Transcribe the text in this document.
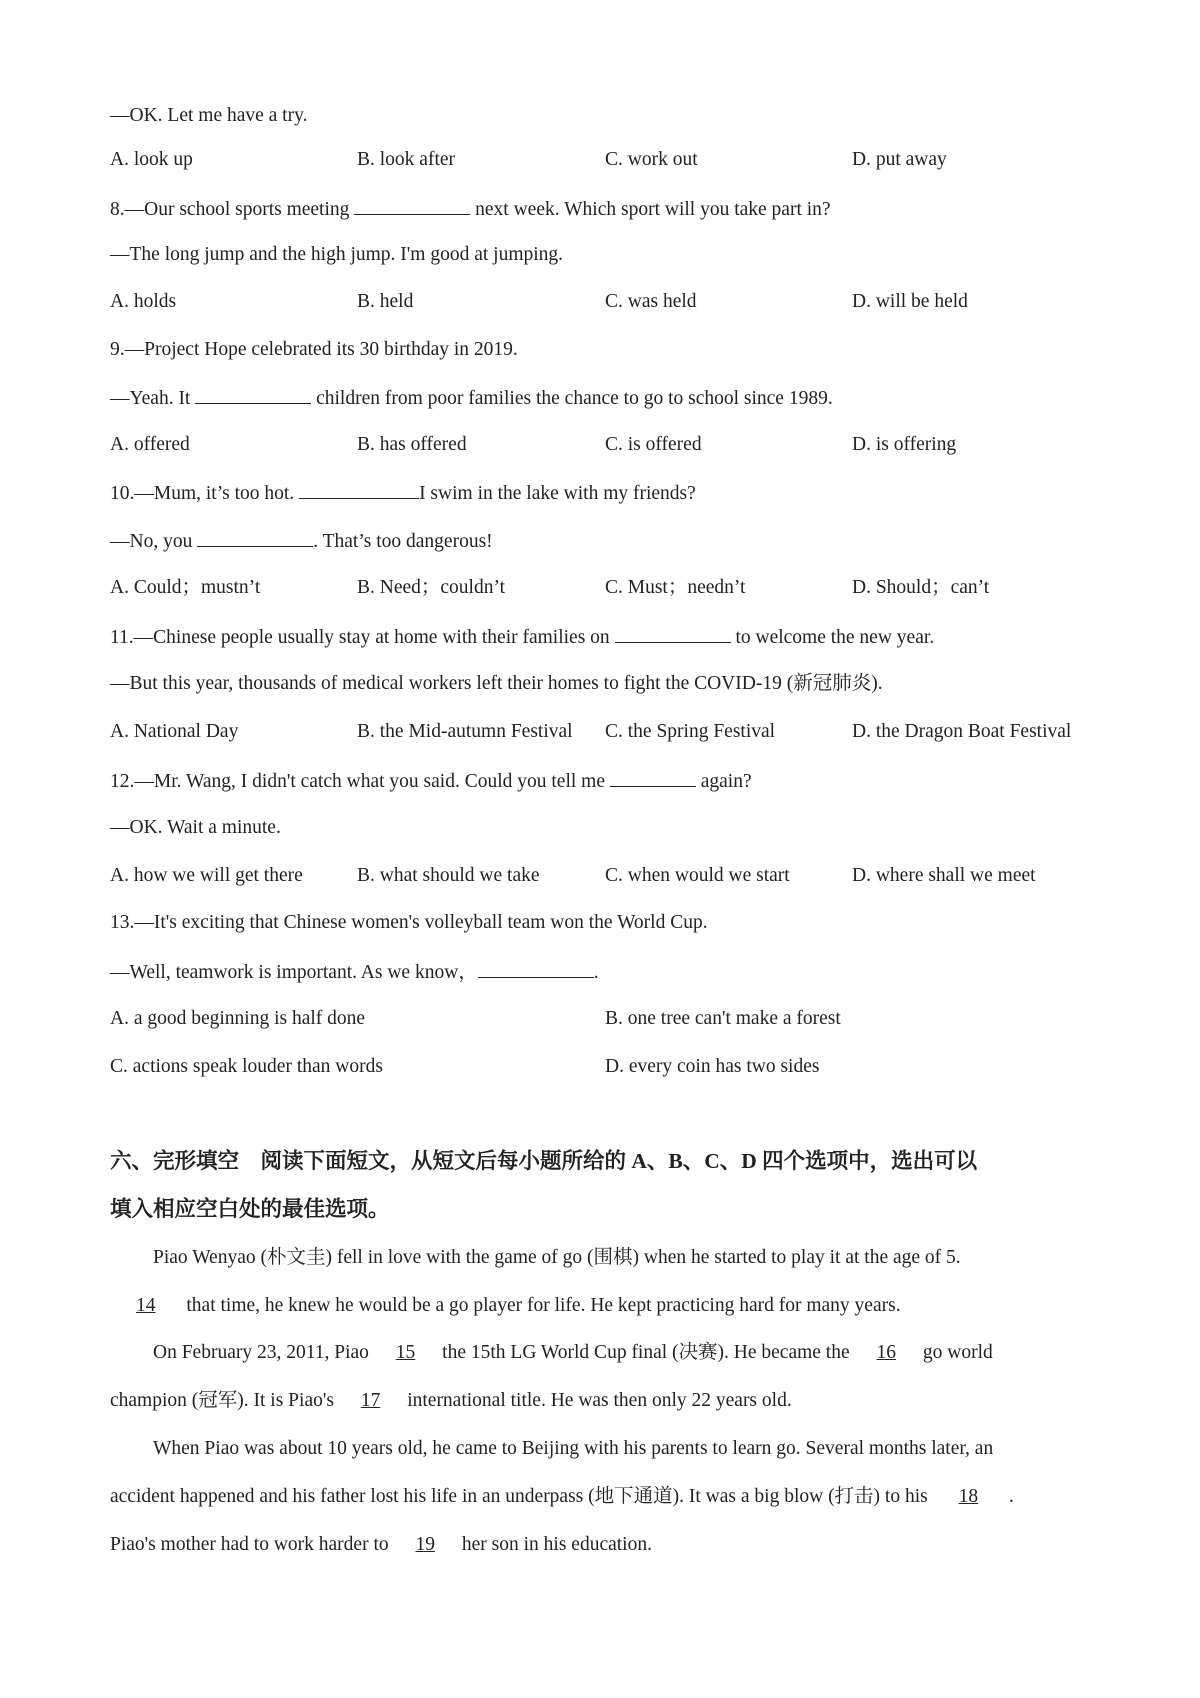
—OK. Let me have a try.
A. look up	B. look after	C. work out	D. put away
8.—Our school sports meeting	next week. Which sport will you take part in?
—The long jump and the high jump. I'm good at jumping.
A. holds	B. held	C. was held	D. will be held
9.—Project Hope celebrated its 30 birthday in 2019.
—Yeah. It	children from poor families the chance to go to school since 1989.
A. offered	B. has offered	C. is offered	D. is offering
10.—Mum, it’s too hot.	I swim in the lake with my friends?
—No, you	. That’s too dangerous!
A. Could；mustn’t	B. Need；couldn’t	C. Must；needn’t	D. Should；can’t
11.—Chinese people usually stay at home with their families on	to welcome the new year.
—But this year, thousands of medical workers left their homes to fight the COVID-19 (新冠肺炎).
A. National Day	B. the Mid-autumn Festival C. the Spring Festival	D. the Dragon Boat Festival
12.—Mr. Wang, I didn't catch what you said. Could you tell me	again?
—OK. Wait a minute.
A. how we will get there	B. what should we take	C. when would we start	D. where shall we meet
13.—It's exciting that Chinese women's volleyball team won the World Cup.
—Well, teamwork is important. As we know，	.
A. a good beginning is half done	B. one tree can't make a forest
C. actions speak louder than words	D. every coin has two sides
六、完形填空　阅读下面短文，从短文后每小题所给的 A、B、C、D 四个选项中，选出可以
填入相应空白处的最佳选项。
Piao Wenyao (朴文圭) fell in love with the game of go (围棋) when he started to play it at the age of 5.
14 that time, he knew he would be a go player for life. He kept practicing hard for many years.
On February 23, 2011, Piao 15 the 15th LG World Cup final (决赛). He became the 16 go world
champion (冠军). It is Piao's 17 international title. He was then only 22 years old.
When Piao was about 10 years old, he came to Beijing with his parents to learn go. Several months later, an
accident happened and his father lost his life in an underpass (地下通道). It was a big blow (打击) to his 18 .
Piao's mother had to work harder to 19 her son in his education.
